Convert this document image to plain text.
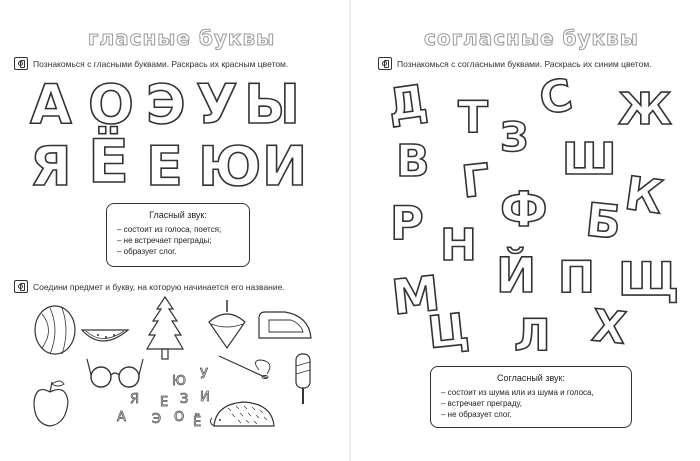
гласные буквы
Познакомься с гласными буквами. Раскрась их красным цветом.
А О Э У Ы
Я Ё Е Ю И
Гласный звук:
– состоит из голоса, поется;
– не встречает преграды;
– образует слог.
Соедини предмет и букву, на которую начинается его название.
Ю У
Я Е З И
А Э О Ё
согласные буквы
Познакомься с согласными буквами. Раскрась их синим цветом.
Д Т С Ж
З
В	Ш
Г	К
Р Ф Б
Н
Й
М	П Щ
Ц Л Х
Согласный звук:
– состоит из шума или из шума и голоса,
– встречает преграду,
– не образует слог.
